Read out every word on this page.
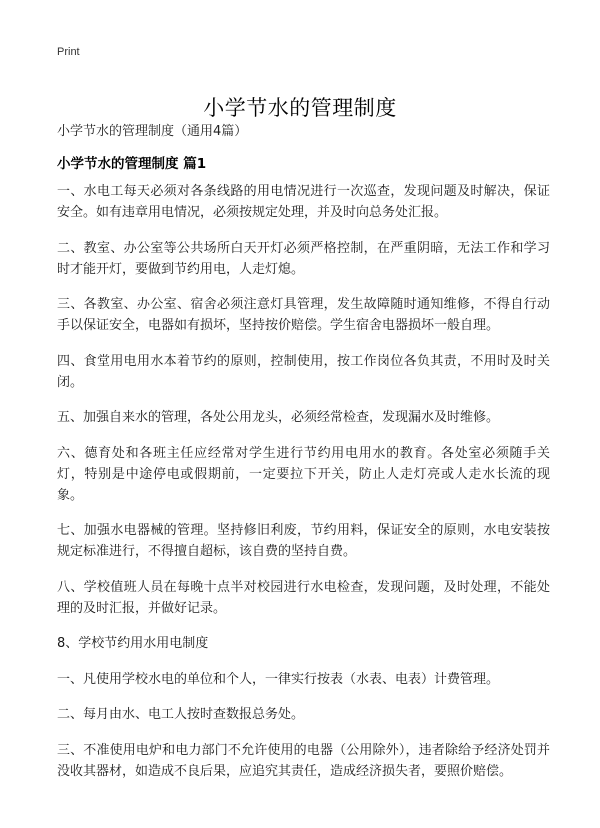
Print
小学节水的管理制度
小学节水的管理制度（通用4篇）
小学节水的管理制度 篇1

一、水电工每天必须对各条线路的用电情况进行一次巡查，发现问题及时解决，保证安全。如有违章用电情况，必须按规定处理，并及时向总务处汇报。

二、教室、办公室等公共场所白天开灯必须严格控制，在严重阴暗，无法工作和学习时才能开灯，要做到节约用电，人走灯熄。

三、各教室、办公室、宿舍必须注意灯具管理，发生故障随时通知维修，不得自行动手以保证安全，电器如有损坏，坚持按价赔偿。学生宿舍电器损坏一般自理。

四、食堂用电用水本着节约的原则，控制使用，按工作岗位各负其责，不用时及时关闭。

五、加强自来水的管理，各处公用龙头，必须经常检查，发现漏水及时维修。

六、德育处和各班主任应经常对学生进行节约用电用水的教育。各处室必须随手关灯，特别是中途停电或假期前，一定要拉下开关，防止人走灯亮或人走水长流的现象。

七、加强水电器械的管理。坚持修旧利废，节约用料，保证安全的原则，水电安装按规定标准进行，不得擅自超标，该自费的坚持自费。

八、学校值班人员在每晚十点半对校园进行水电检查，发现问题，及时处理，不能处理的及时汇报，并做好记录。

8、学校节约用水用电制度

一、凡使用学校水电的单位和个人，一律实行按表（水表、电表）计费管理。

二、每月由水、电工人按时查数报总务处。

三、不准使用电炉和电力部门不允许使用的电器（公用除外），违者除给予经济处罚并没收其器材，如造成不良后果，应追究其责任，造成经济损失者，要照价赔偿。
